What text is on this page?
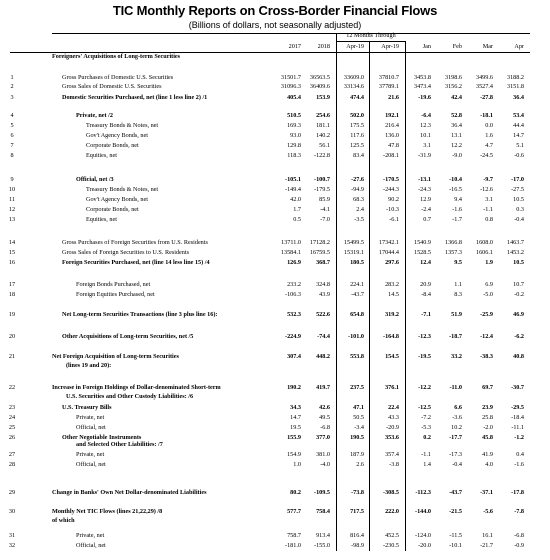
TIC Monthly Reports on Cross-Border Financial Flows
(Billions of dollars, not seasonally adjusted)
12 Months Through
2017	2018	Apr-19	Apr-19	Jan	Feb	Mar	Apr
Foreigners' Acquisitions of Long-term Securities
1	Gross Purchases of Domestic U.S. Securities	31501.7	36563.5	33609.0	37810.7	3453.8	3198.6	3499.6	3188.2
2	Gross Sales of Domestic U.S. Securities	31096.3	36409.6	33134.6	37789.1	3473.4	3156.2	3527.4	3151.8
3	Domestic Securities Purchased, net (line 1 less line 2) /1	405.4	153.9	474.4	21.6	-19.6	42.4	-27.8	36.4
4	Private, net /2	510.5	254.6	502.0	192.1	-6.4	52.8	-18.1	53.4
5	Treasury Bonds & Notes, net	169.3	181.1	175.5	216.4	12.3	36.4	0.0	44.4
6	Gov't Agency Bonds, net	93.0	140.2	117.6	136.0	10.1	13.1	1.6	14.7
7	Corporate Bonds, net	129.8	56.1	125.5	47.8	3.1	12.2	4.7	5.1
8	Equities, net	118.3	-122.8	83.4	-208.1	-31.9	-9.0	-24.5	-0.6
9	Official, net /3	-105.1	-100.7	-27.6	-170.5	-13.1	-10.4	-9.7	-17.0
10	Treasury Bonds & Notes, net	-149.4	-179.5	-94.9	-244.3	-24.3	-16.5	-12.6	-27.5
11	Gov't Agency Bonds, net	42.0	85.9	68.3	90.2	12.9	9.4	3.1	10.5
12	Corporate Bonds, net	1.7	-4.1	2.4	-10.3	-2.4	-1.6	-1.1	0.3
13	Equities, net	0.5	-7.0	-3.5	-6.1	0.7	-1.7	0.8	-0.4
14	Gross Purchases of Foreign Securities from U.S. Residents	13711.0	17128.2	15499.5	17342.1	1540.9	1366.8	1608.0	1463.7
15	Gross Sales of Foreign Securities to U.S. Residents	13584.1	16759.5	15319.1	17044.4	1528.5	1357.3	1606.1	1453.2
16	Foreign Securities Purchased, net (line 14 less line 15) /4	126.9	368.7	180.5	297.6	12.4	9.5	1.9	10.5
17	Foreign Bonds Purchased, net	233.2	324.8	224.1	283.2	20.9	1.1	6.9	10.7
18	Foreign Equities Purchased, net	-106.3	43.9	-43.7	14.5	-8.4	8.3	-5.0	-0.2
19	Net Long-term Securities Transactions (line 3 plus line 16):	532.3	522.6	654.8	319.2	-7.1	51.9	-25.9	46.9
20	Other Acquisitions of Long-term Securities, net /5	-224.9	-74.4	-101.0	-164.8	-12.3	-18.7	-12.4	-6.2
21	Net Foreign Acquisition of Long-term Securities	307.4	448.2	553.8	154.5	-19.5	33.2	-38.3	40.8
(lines 19 and 20):
22	Increase in Foreign Holdings of Dollar-denominated Short-term	190.2	419.7	237.5	376.1	-12.2	-11.0	69.7	-30.7
U.S. Securities and Other Custody Liabilities: /6
23	U.S. Treasury Bills	34.3	42.6	47.1	22.4	-12.5	6.6	23.9	-29.5
24	Private, net	14.7	49.5	50.5	43.3	-7.2	-3.6	25.8	-18.4
25	Official, net	19.5	-6.8	-3.4	-20.9	-5.3	10.2	-2.0	-11.1
26	Other Negotiable Instruments	155.9	377.0	190.5	353.6	0.2	-17.7	45.8	-1.2
and Selected Other Liabilities: /7
27	Private, net	154.9	381.0	187.9	357.4	-1.1	-17.3	41.9	0.4
28	Official, net	1.0	-4.0	2.6	-3.8	1.4	-0.4	4.0	-1.6
29	Change in Banks' Own Net Dollar-denominated Liabilities	80.2	-109.5	-73.8	-308.5	-112.3	-43.7	-37.1	-17.8
30	Monthly Net TIC Flows (lines 21,22,29) /8	577.7	758.4	717.5	222.0	-144.0	-21.5	-5.6	-7.8
of which
31	Private, net	758.7	913.4	816.4	452.5	-124.0	-11.5	16.1	-6.8
32	Official, net	-181.0	-155.0	-98.9	-230.5	-20.0	-10.1	-21.7	-0.9
